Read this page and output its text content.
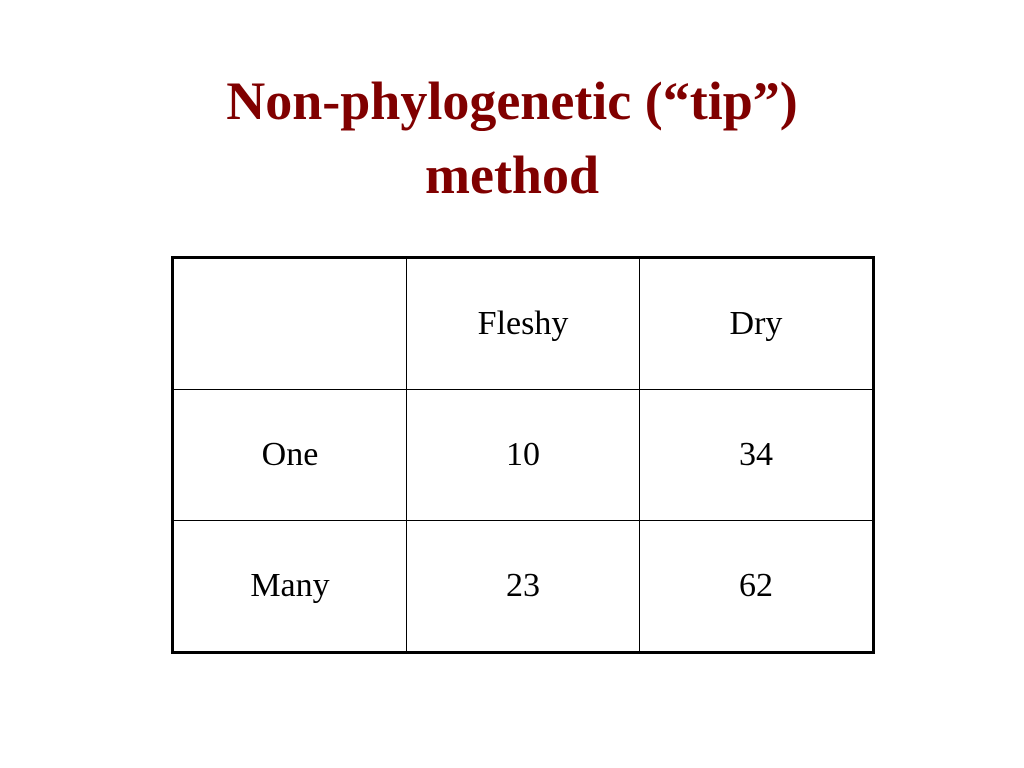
Non-phylogenetic (“tip”)
method
	Fleshy	Dry
One	10	34
Many	23	62
